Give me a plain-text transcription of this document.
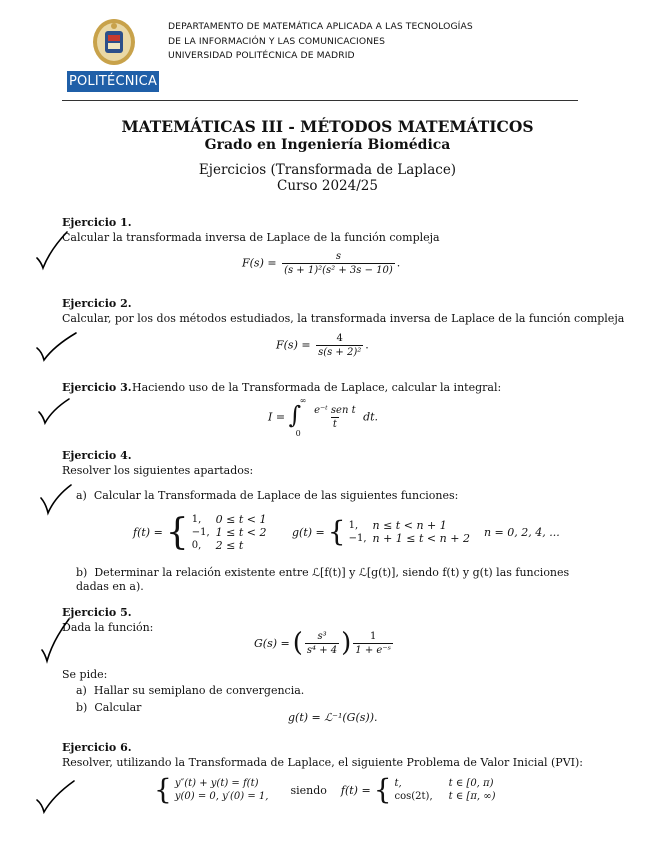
POLITÉCNICA
DEPARTAMENTO DE MATEMÁTICA APLICADA A LAS TECNOLOGÍAS
DE LA INFORMACIÓN Y LAS COMUNICACIONES
UNIVERSIDAD POLITÉCNICA DE MADRID
MATEMÁTICAS III - MÉTODOS MATEMÁTICOS
Grado en Ingeniería Biomédica
Ejercicios (Transformada de Laplace)
Curso 2024/25
Ejercicio 1.
Calcular la transformada inversa de Laplace de la función compleja
$F(s) = \frac{s}{\text{(s + 1)²(s² + 3s − 10)}}$ .
Ejercicio 2.
Calcular, por los dos métodos estudiados, la transformada inversa de Laplace de la función compleja
$F(s) = \frac{4}{\text{s(s + 2)²}}$ .
Ejercicio 3. Haciendo uso de la Transformada de Laplace, calcular la integral:
I = ∫
∞
0

$\frac{\text{e⁻ᵗ sen t}}{t}$ dt.
Ejercicio 4.
Resolver los siguientes apartados:
a) Calcular la Transformada de Laplace de las siguientes funciones:
f(t) = { 1,	0 ≤ t < 1
−1,	1 ≤ t < 2
0,	2 ≤ t
g(t) = { 1,	n ≤ t < n + 1
−1,	n + 1 ≤ t < n + 2 n = 0, 2, 4, ...
b) Determinar la relación existente entre ℒ[f(t)] y ℒ[g(t)], siendo f(t) y g(t) las funciones dadas en a).
Ejercicio 5.
Dada la función:
G(s) = ( $\frac{\text{s³}}{\text{s⁴ + 4}}$ ) $\frac{1}{\text{1 + e⁻ˢ}}$
Se pide:
a) Hallar su semiplano de convergencia.
b) Calcular
g(t) = ℒ⁻¹(G(s)).
Ejercicio 6.
Resolver, utilizando la Transformada de Laplace, el siguiente Problema de Valor Inicial (PVI):
{ y″(t) + y(t) = f(t)
y(0) = 0, y′(0) = 1, siendo f(t) = { t,	t ∈ [0, π)
cos(2t),	t ∈ [π, ∞)
